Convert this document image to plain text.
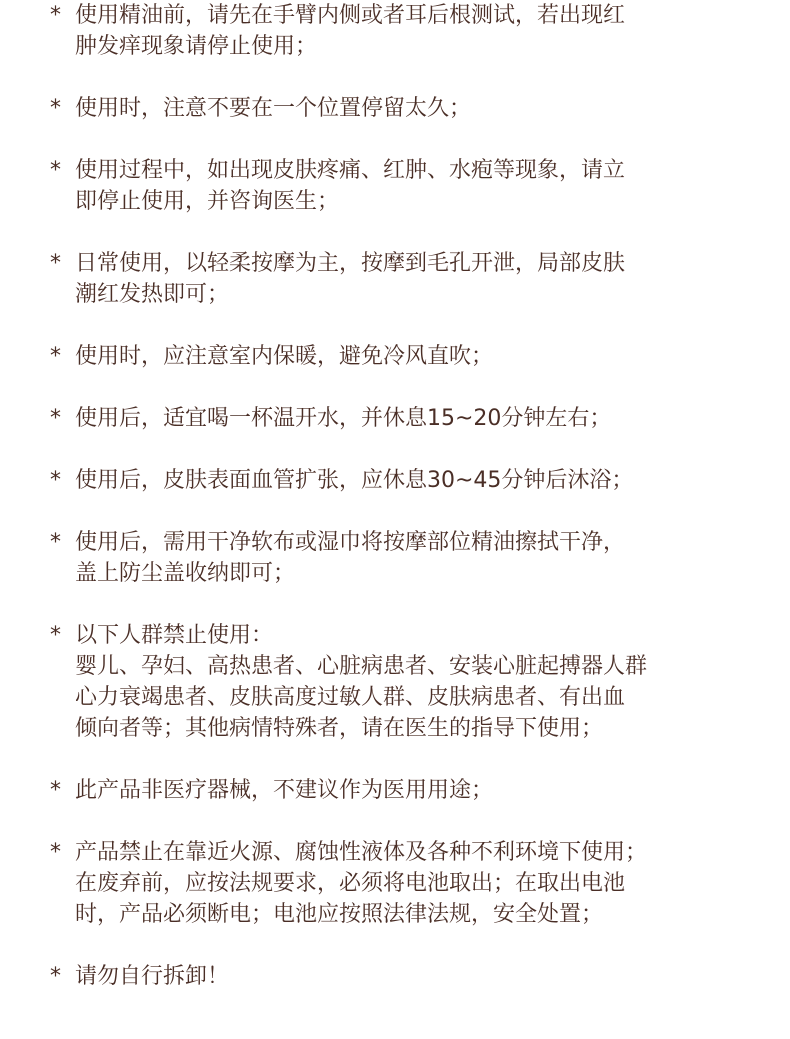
* 使用精油前，请先在手臂内侧或者耳后根测试，若出现红
肿发痒现象请停止使用；
* 使用时，注意不要在一个位置停留太久；
* 使用过程中，如出现皮肤疼痛、红肿、水疱等现象，请立
即停止使用，并咨询医生；
* 日常使用，以轻柔按摩为主，按摩到毛孔开泄，局部皮肤
潮红发热即可；
* 使用时，应注意室内保暖，避免冷风直吹；
* 使用后，适宜喝一杯温开水，并休息15~20分钟左右；
* 使用后，皮肤表面血管扩张，应休息30~45分钟后沐浴；
* 使用后，需用干净软布或湿巾将按摩部位精油擦拭干净，
盖上防尘盖收纳即可；
* 以下人群禁止使用：
婴儿、孕妇、高热患者、心脏病患者、安装心脏起搏器人群
心力衰竭患者、皮肤高度过敏人群、皮肤病患者、有出血
倾向者等；其他病情特殊者，请在医生的指导下使用；
* 此产品非医疗器械，不建议作为医用用途；
* 产品禁止在靠近火源、腐蚀性液体及各种不利环境下使用；
在废弃前，应按法规要求，必须将电池取出；在取出电池
时，产品必须断电；电池应按照法律法规，安全处置；
* 请勿自行拆卸！
